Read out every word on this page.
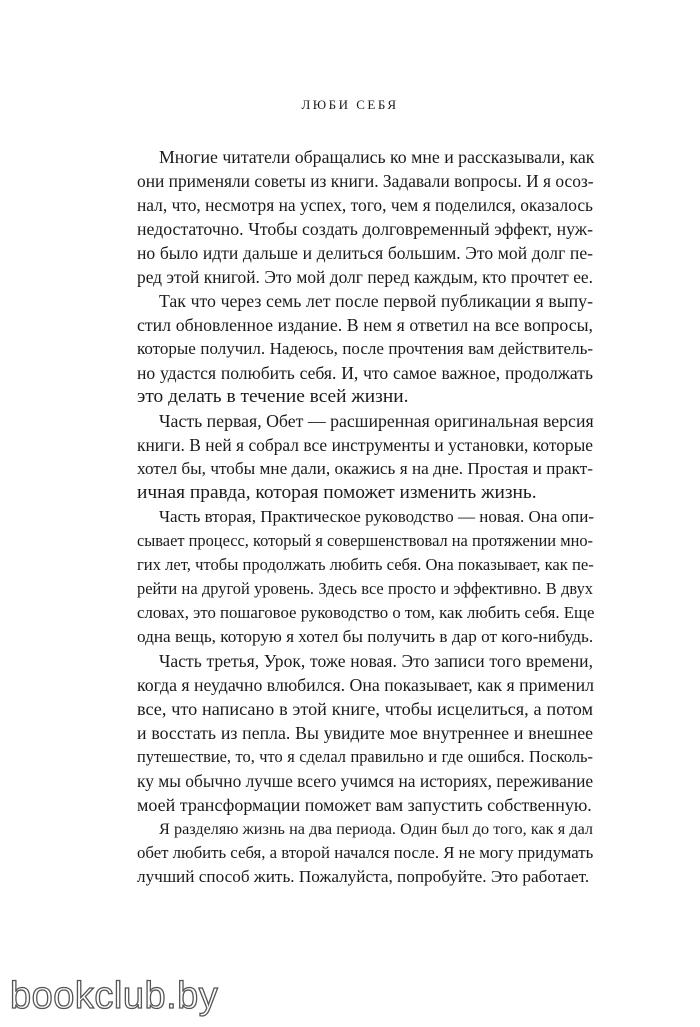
ЛЮБИ СЕБЯ
Многие читатели обращались ко мне и рассказывали, как
они применяли советы из книги. Задавали вопросы. И я осоз-
нал, что, несмотря на успех, того, чем я поделился, оказалось
недостаточно. Чтобы создать долговременный эффект, нуж-
но было идти дальше и делиться большим. Это мой долг пе-
ред этой книгой. Это мой долг перед каждым, кто прочтет ее.
Так что через семь лет после первой публикации я выпу-
стил обновленное издание. В нем я ответил на все вопросы,
которые получил. Надеюсь, после прочтения вам действитель-
но удастся полюбить себя. И, что самое важное, продолжать
это делать в течение всей жизни.
Часть первая, Обет — расширенная оригинальная версия
книги. В ней я собрал все инструменты и установки, которые
хотел бы, чтобы мне дали, окажись я на дне. Простая и практ-
ичная правда, которая поможет изменить жизнь.
Часть вторая, Практическое руководство — новая. Она опи-
сывает процесс, который я совершенствовал на протяжении мно-
гих лет, чтобы продолжать любить себя. Она показывает, как пе-
рейти на другой уровень. Здесь все просто и эффективно. В двух
словах, это пошаговое руководство о том, как любить себя. Еще
одна вещь, которую я хотел бы получить в дар от кого-нибудь.
Часть третья, Урок, тоже новая. Это записи того времени,
когда я неудачно влюбился. Она показывает, как я применил
все, что написано в этой книге, чтобы исцелиться, а потом
и восстать из пепла. Вы увидите мое внутреннее и внешнее
путешествие, то, что я сделал правильно и где ошибся. Посколь-
ку мы обычно лучше всего учимся на историях, переживание
моей трансформации поможет вам запустить собственную.
Я разделяю жизнь на два периода. Один был до того, как я дал
обет любить себя, а второй начался после. Я не могу придумать
лучший способ жить. Пожалуйста, попробуйте. Это работает.
bookclub.by
